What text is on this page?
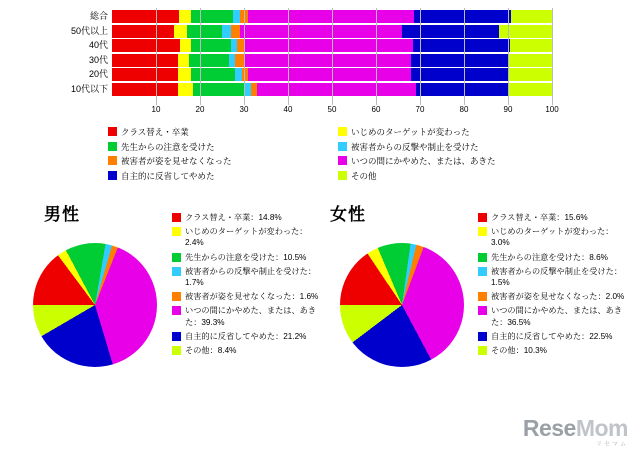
総合
50代以上
40代
30代
20代
10代以下
10	20	30	40	50	60	70	80	90	100
クラス替え・卒業	いじめのターゲットが変わった
先生からの注意を受けた	被害者からの反撃や制止を受けた
被害者が姿を見せなくなった	いつの間にかやめた、または、あきた
自主的に反省してやめた	その他
男性	クラス替え・卒業：14.8%
いじめのターゲットが変わった：2.4%
先生からの注意を受けた：10.5%
被害者からの反撃や制止を受けた：1.7%
被害者が姿を見せなくなった：1.6%
いつの間にかやめた、または、あきた：39.3%
自主的に反省してやめた：21.2%
その他：8.4%
女性	クラス替え・卒業：15.6%
いじめのターゲットが変わった：3.0%
先生からの注意を受けた：8.6%
被害者からの反撃や制止を受けた：1.5%
被害者が姿を見せなくなった：2.0%
いつの間にかやめた、または、あきた：36.5%
自主的に反省してやめた：22.5%
その他：10.3%
ReseMom
リセマム
